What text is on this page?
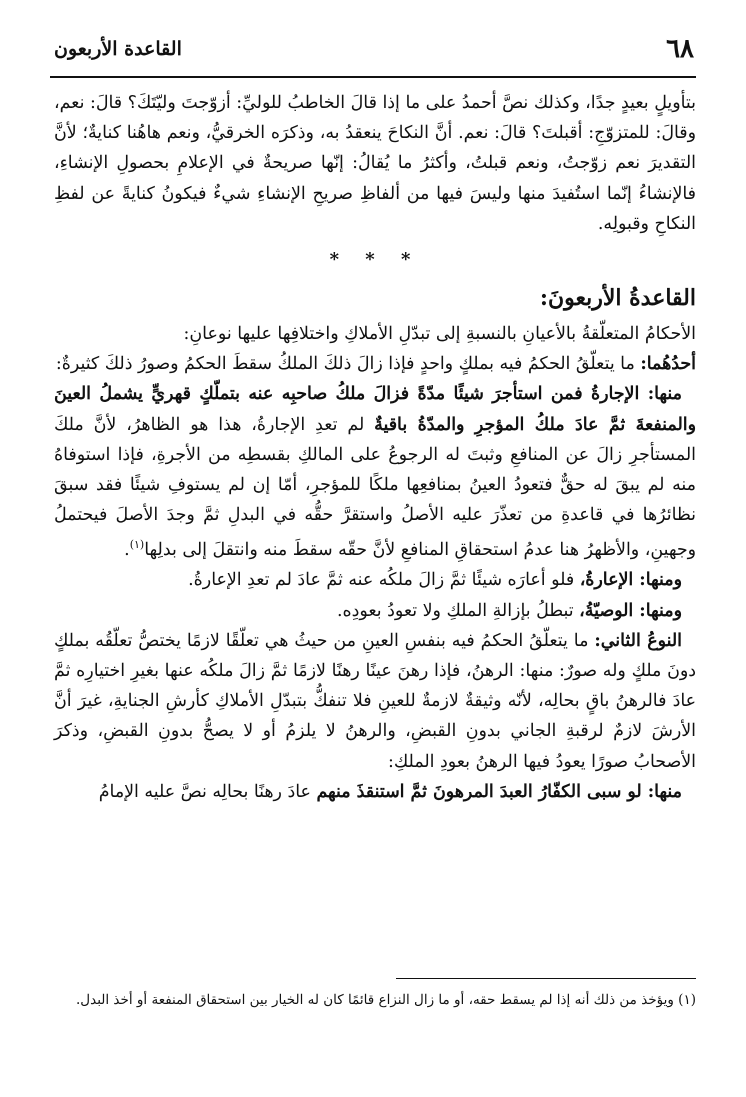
٦٨
القاعدة الأربعون

بتأويلٍ بعيدٍ جدًا، وكذلك نصَّ أحمدُ على ما إذا قالَ الخاطبُ للوليِّ: أزوّجتَ وليّتَكَ؟ قالَ: نعم، وقالَ: للمتزوّجِ: أقبلتَ؟ قالَ: نعم. أنَّ النكاحَ ينعقدُ به، وذكرَه الخرقيُّ، ونعم هاهُنا كنايةٌ؛ لأنَّ التقديرَ نعم زوّجتُ، ونعم قبلتُ، وأكثرُ ما يُقالُ: إنّها صريحةٌ في الإعلامِ بحصولِ الإنشاءِ، فالإنشاءُ إنّما استُفيدَ منها وليسَ فيها من ألفاظِ صريحِ الإنشاءِ شيءٌ فيكونُ كنايةً عن لفظِ النكاحِ وقبولِه.

* * *
القاعدةُ الأربعونَ:

الأحكامُ المتعلّقةُ بالأعيانِ بالنسبةِ إلى تبدّلِ الأملاكِ واختلافِها عليها نوعانِ:

أحدُهُما: ما يتعلّقُ الحكمُ فيه بملكٍ واحدٍ فإذا زالَ ذلكَ الملكُ سقطَ الحكمُ وصورُ ذلكَ كثيرةٌ:

منها: الإجارةُ فمن استأجرَ شيئًا مدّةً فزالَ ملكُ صاحبِه عنه بتملّكٍ قهريٍّ يشملُ العينَ والمنفعةَ ثمَّ عادَ ملكُ المؤجرِ والمدّةُ باقيةٌ لم تعدِ الإجارةُ، هذا هو الظاهرُ، لأنَّ ملكَ المستأجرِ زالَ عن المنافعِ وثبتَ له الرجوعُ على المالكِ بقسطِه من الأجرةِ، فإذا استوفاهُ منه لم يبقَ له حقٌّ فتعودُ العينُ بمنافعِها ملكًا للمؤجرِ، أمّا إن لم يستوفِ شيئًا فقد سبقَ نظائرُها في قاعدةِ من تعذّرَ عليه الأصلُ واستقرَّ حقُّه في البدلِ ثمَّ وجدَ الأصلَ فيحتملُ وجهينِ، والأظهرُ هنا عدمُ استحقاقِ المنافعِ لأنَّ حقّه سقطَ منه وانتقلَ إلى بدلِها$^{(١)}$.

ومنها: الإعارةُ، فلو أعارَه شيئًا ثمَّ زالَ ملكُه عنه ثمَّ عادَ لم تعدِ الإعارةُ.

ومنها: الوصيّةُ، تبطلُ بإزالةِ الملكِ ولا تعودُ بعودِه.

النوعُ الثاني: ما يتعلّقُ الحكمُ فيه بنفسِ العينِ من حيثُ هي تعلّقًا لازمًا يختصُّ تعلّقُه بملكٍ دونَ ملكٍ وله صورٌ: منها: الرهنُ، فإذا رهنَ عينًا رهنًا لازمًا ثمَّ زالَ ملكُه عنها بغيرِ اختيارِه ثمَّ عادَ فالرهنُ باقٍ بحالِه، لأنّه وثيقةٌ لازمةٌ للعينِ فلا تنفكُّ بتبدّلِ الأملاكِ كأرشِ الجنايةِ، غيرَ أنَّ الأرشَ لازمٌ لرقبةِ الجاني بدونِ القبضِ، والرهنُ لا يلزمُ أو لا يصحُّ بدونِ القبضِ، وذكرَ الأصحابُ صورًا يعودُ فيها الرهنُ بعودِ الملكِ:

منها: لو سبى الكفّارُ العبدَ المرهونَ ثمَّ استنقذَ منهم عادَ رهنًا بحالِه نصَّ عليه الإمامُ

(١) ويؤخذ من ذلك أنه إذا لم يسقط حقه، أو ما زال النزاع قائمًا كان له الخيار بين استحقاق المنفعة أو أخذ البدل.
